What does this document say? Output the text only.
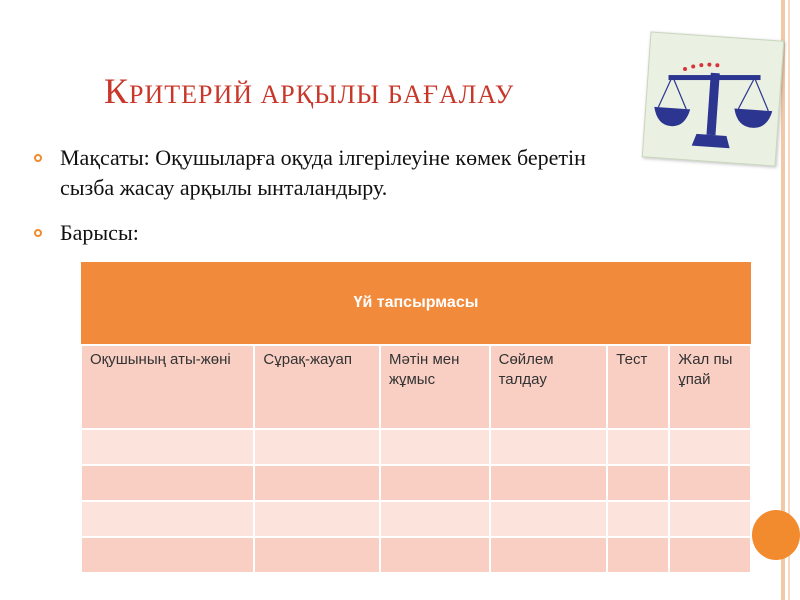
КРИТЕРИЙ АРҚЫЛЫ БАҒАЛАУ
Мақсаты: Оқушыларға оқуда ілгерілеуіне көмек беретін сызба жасау арқылы ынталандыру.
Барысы:
Үй тапсырмасы					
Оқушының аты-жөні	Сұрақ-жауап	Мәтін мен жұмыс	Сөйлем талдау	Тест	Жал пы ұпай
